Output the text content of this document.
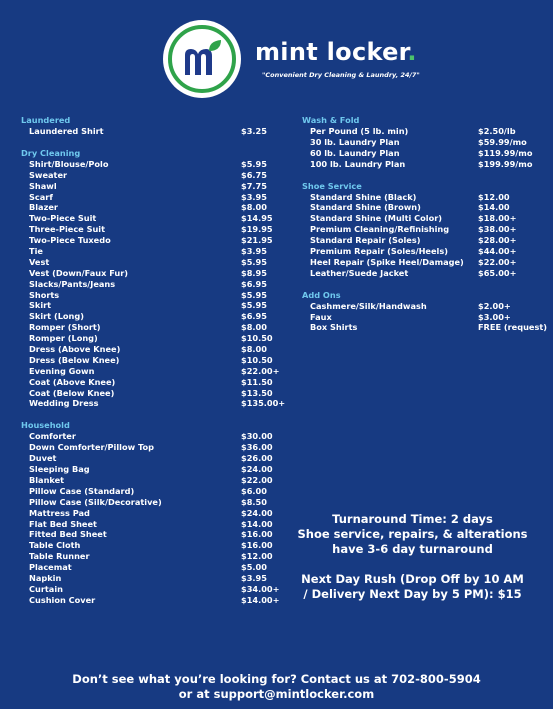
mint locker.
"Convenient Dry Cleaning & Laundry, 24/7"
Laundered
Laundered Shirt	$3.25
Dry Cleaning
Shirt/Blouse/Polo	$5.95
Sweater	$6.75
Shawl	$7.75
Scarf	$3.95
Blazer	$8.00
Two-Piece Suit	$14.95
Three-Piece Suit	$19.95
Two-Piece Tuxedo	$21.95
Tie	$3.95
Vest	$5.95
Vest (Down/Faux Fur)	$8.95
Slacks/Pants/Jeans	$6.95
Shorts	$5.95
Skirt	$5.95
Skirt (Long)	$6.95
Romper (Short)	$8.00
Romper (Long)	$10.50
Dress (Above Knee)	$8.00
Dress (Below Knee)	$10.50
Evening Gown	$22.00+
Coat (Above Knee)	$11.50
Coat (Below Knee)	$13.50
Wedding Dress	$135.00+
Household
Comforter	$30.00
Down Comforter/Pillow Top	$36.00
Duvet	$26.00
Sleeping Bag	$24.00
Blanket	$22.00
Pillow Case (Standard)	$6.00
Pillow Case (Silk/Decorative)	$8.50
Mattress Pad	$24.00
Flat Bed Sheet	$14.00
Fitted Bed Sheet	$16.00
Table Cloth	$16.00
Table Runner	$12.00
Placemat	$5.00
Napkin	$3.95
Curtain	$34.00+
Cushion Cover	$14.00+
Wash & Fold
Per Pound (5 lb. min)	$2.50/lb
30 lb. Laundry Plan	$59.99/mo
60 lb. Laundry Plan	$119.99/mo
100 lb. Laundry Plan	$199.99/mo
Shoe Service
Standard Shine (Black)	$12.00
Standard Shine (Brown)	$14.00
Standard Shine (Multi Color)	$18.00+
Premium Cleaning/Refinishing	$38.00+
Standard Repair (Soles)	$28.00+
Premium Repair (Soles/Heels)	$44.00+
Heel Repair (Spike Heel/Damage)	$22.00+
Leather/Suede Jacket	$65.00+
Add Ons
Cashmere/Silk/Handwash	$2.00+
Faux	$3.00+
Box Shirts	FREE (request)
Turnaround Time: 2 days
Shoe service, repairs, & alterations
have 3-6 day turnaround
Next Day Rush (Drop Off by 10 AM
/ Delivery Next Day by 5 PM): $15
Don’t see what you’re looking for? Contact us at 702-800-5904
or at support@mintlocker.com
